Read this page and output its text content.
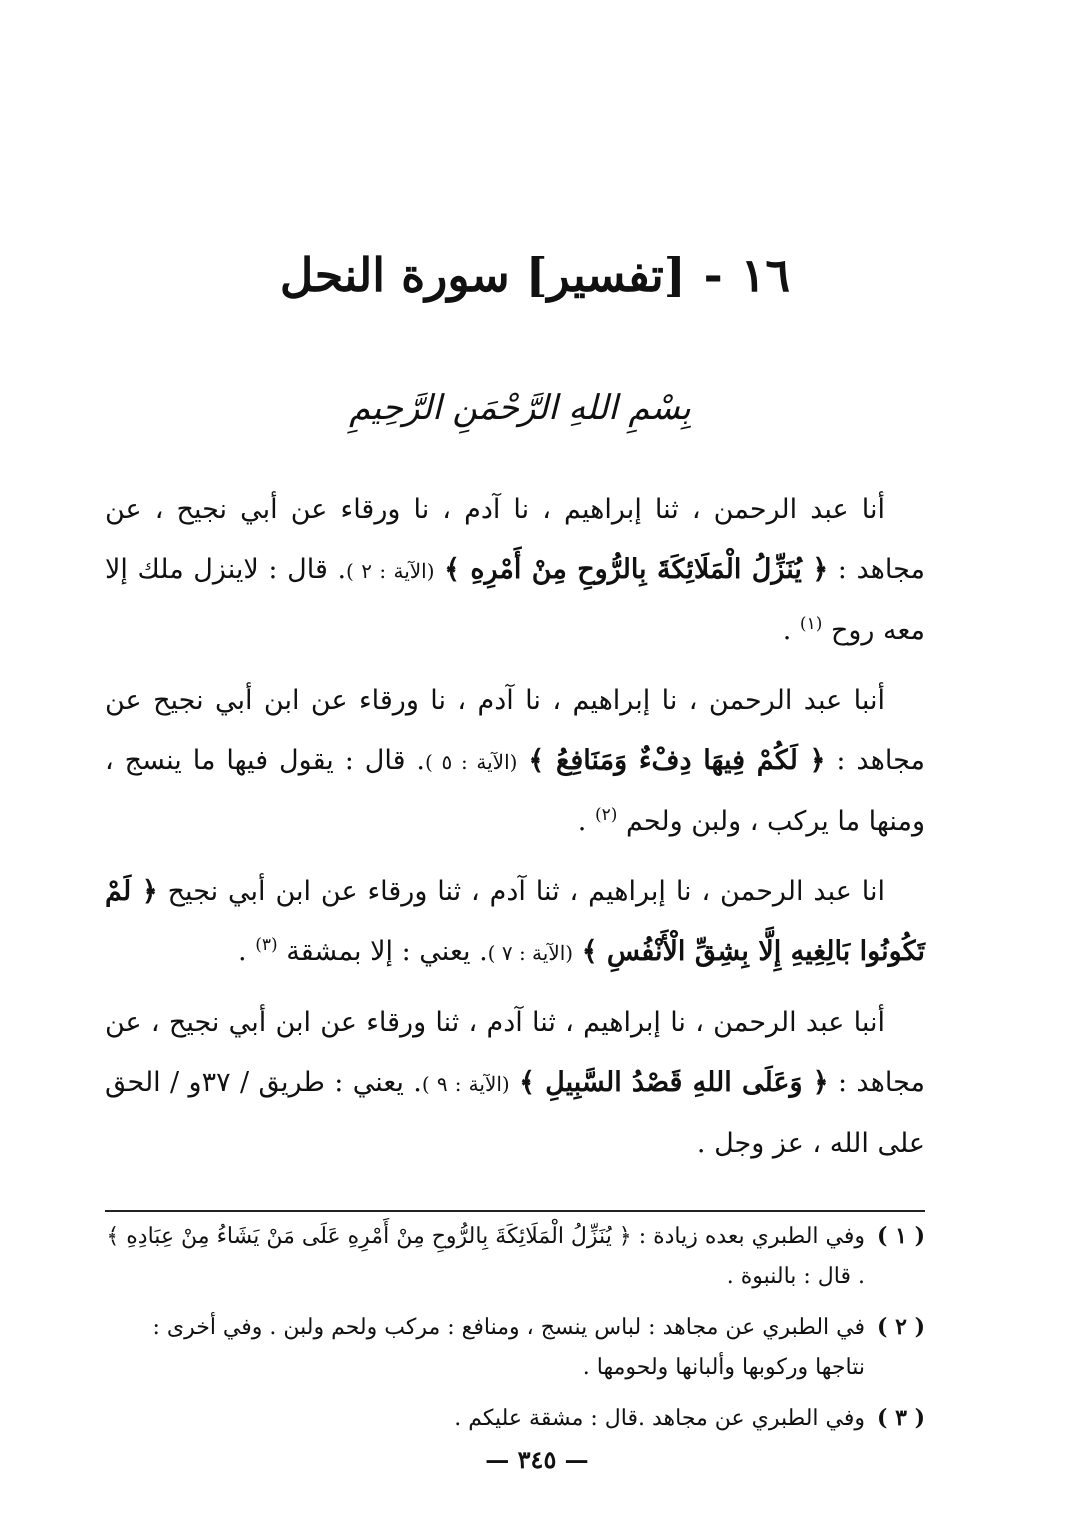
١٦-[تفسير] سورة النحل
بِسْمِ اللهِ الرَّحْمَنِ الرَّحِيمِ

أنا عبد الرحمن ، ثنا إبراهيم ، نا آدم ، نا ورقاء عن أبي نجيح ، عن مجاهد : ﴿ يُنَزِّلُ الْمَلَائِكَةَ بِالرُّوحِ مِنْ أَمْرِهِ ﴾ (الآية : ٢ ). قال : لاينزل ملك إلا معه روح $^{(١)}$ .

أنبا عبد الرحمن ، نا إبراهيم ، نا آدم ، نا ورقاء عن ابن أبي نجيح عن مجاهد : ﴿ لَكُمْ فِيهَا دِفْءٌ وَمَنَافِعُ ﴾ (الآية : ٥ ). قال : يقول فيها ما ينسج ، ومنها ما يركب ، ولبن ولحم $^{(٢)}$ .

انا عبد الرحمن ، نا إبراهيم ، ثنا آدم ، ثنا ورقاء عن ابن أبي نجيح ﴿ لَمْ تَكُونُوا بَالِغِيهِ إِلَّا بِشِقِّ الْأَنْفُسِ ﴾ (الآية : ٧ ). يعني : إلا بمشقة $^{(٣)}$ .

أنبا عبد الرحمن ، نا إبراهيم ، ثنا آدم ، ثنا ورقاء عن ابن أبي نجيح ، عن مجاهد : ﴿ وَعَلَى اللهِ قَصْدُ السَّبِيلِ ﴾ (الآية : ٩ ). يعني : طريق / ٣٧و / الحق على الله ، عز وجل .

( ١ )وفي الطبري بعده زيادة : ﴿ يُنَزِّلُ الْمَلَائِكَةَ بِالرُّوحِ مِنْ أَمْرِهِ عَلَى مَنْ يَشَاءُ مِنْ عِبَادِهِ ﴾ . قال : بالنبوة .

( ٢ )في الطبري عن مجاهد : لباس ينسج ، ومنافع : مركب ولحم ولبن . وفي أخرى : نتاجها وركوبها وألبانها ولحومها .

( ٣ )وفي الطبري عن مجاهد .قال : مشقة عليكم .

— ٣٤٥ —
